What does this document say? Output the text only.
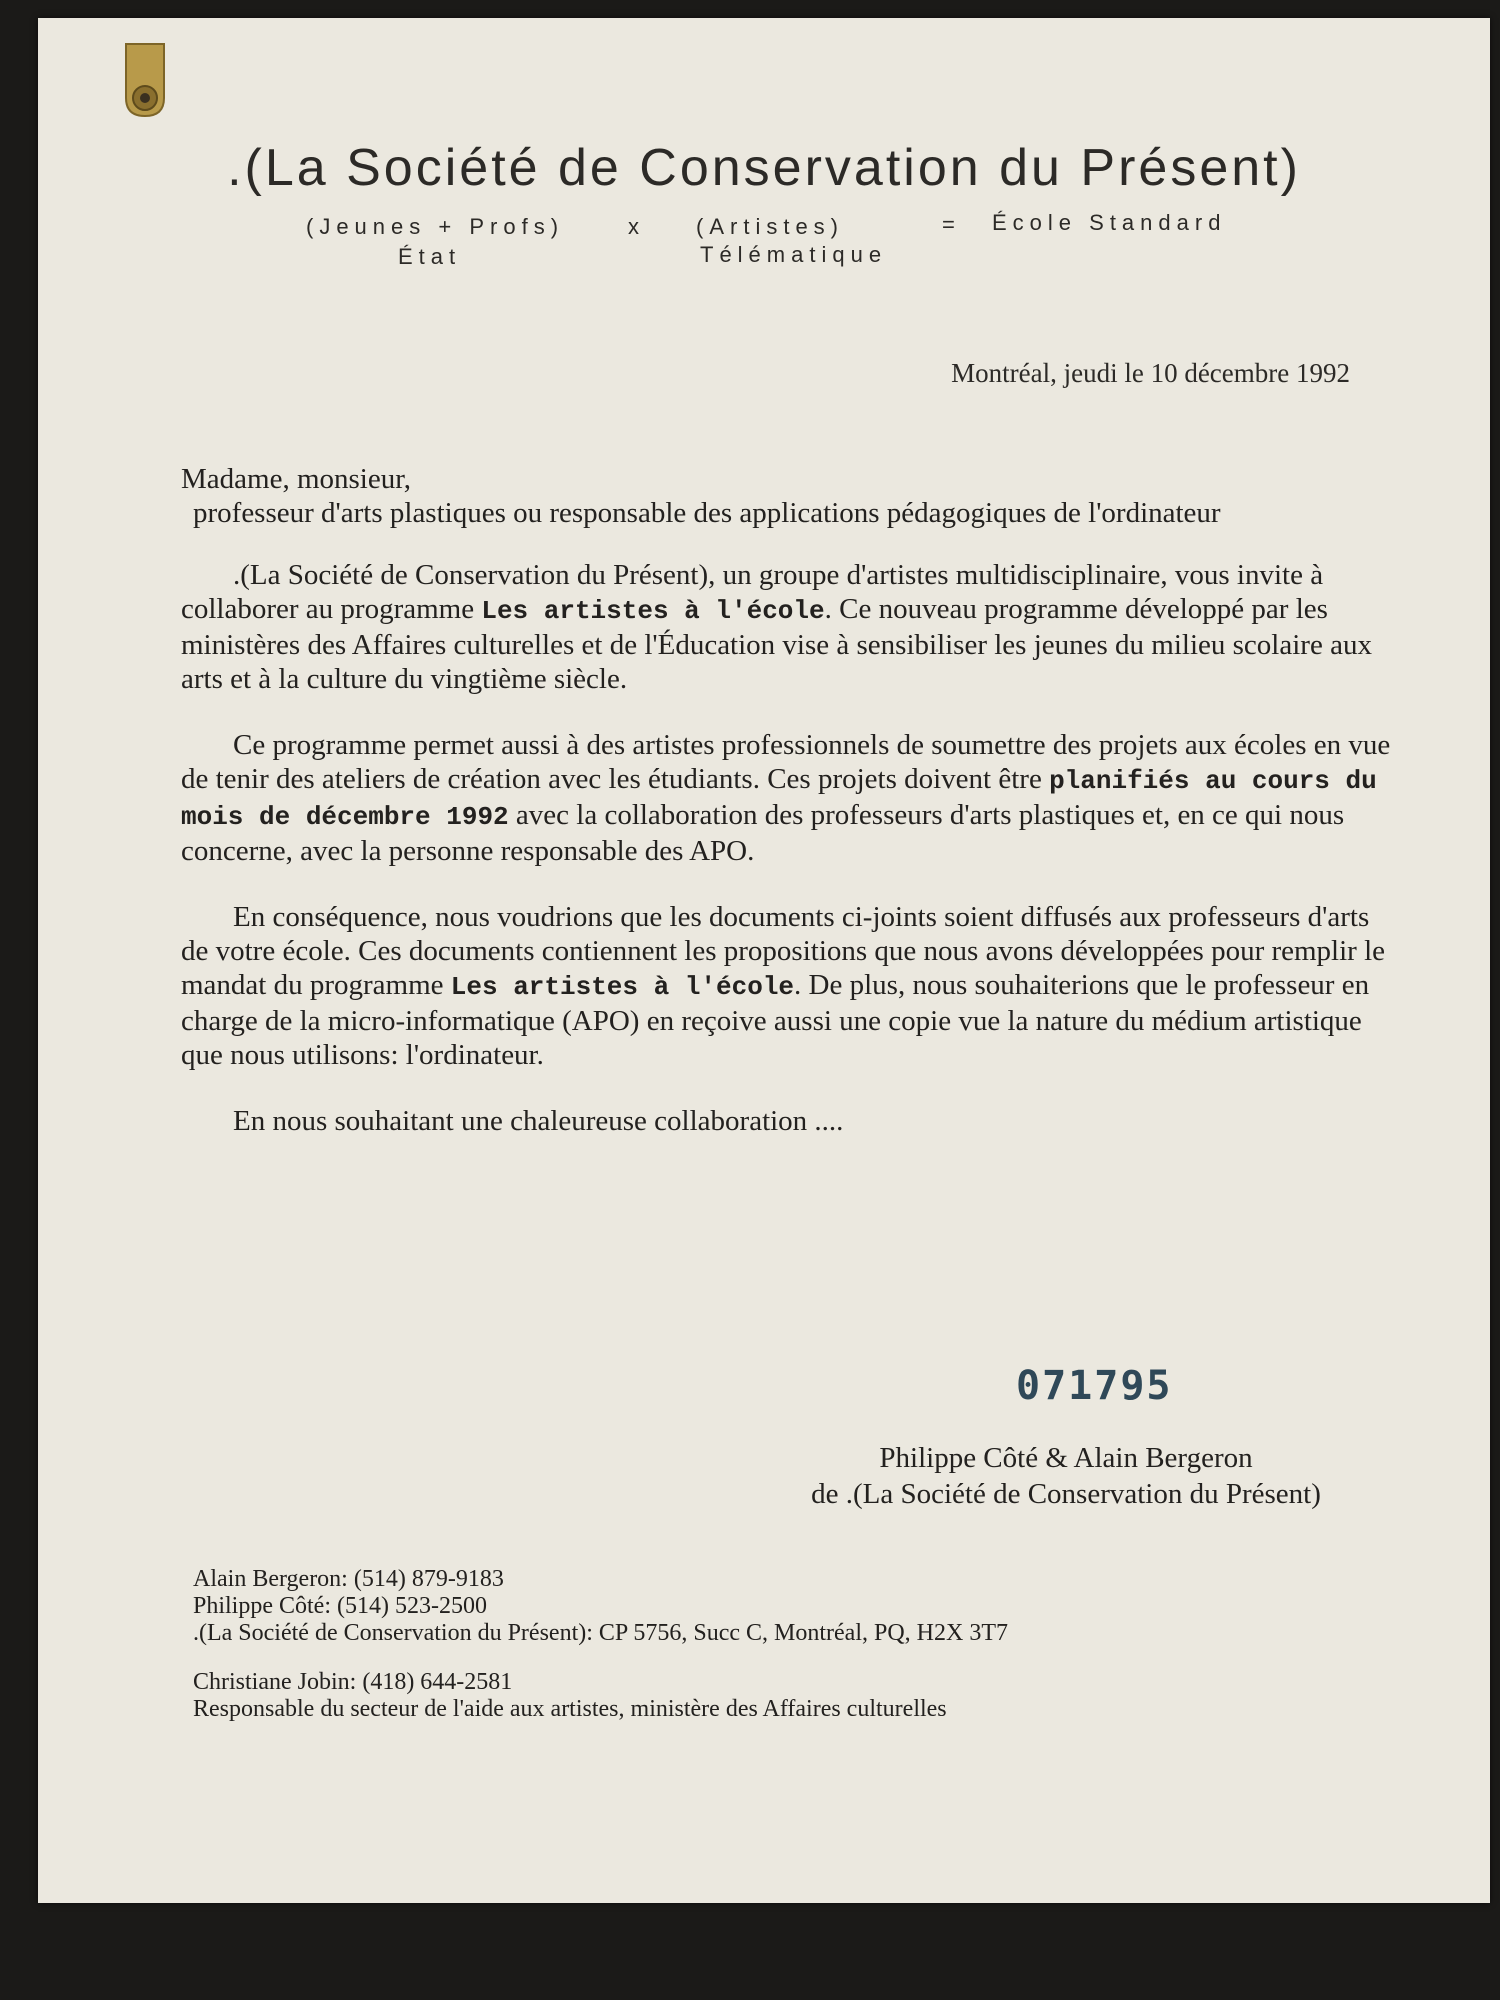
.(La Société de Conservation du Présent)
(Jeunes + Profs)	x (Artistes)	= École Standard
État	Télématique
Montréal, jeudi le 10 décembre 1992

Madame, monsieur,
professeur d'arts plastiques ou responsable des applications pédagogiques de l'ordinateur

.(La Société de Conservation du Présent), un groupe d'artistes multidisciplinaire, vous invite à collaborer au programme Les artistes à l'école. Ce nouveau programme développé par les ministères des Affaires culturelles et de l'Éducation vise à sensibiliser les jeunes du milieu scolaire aux arts et à la culture du vingtième siècle.

Ce programme permet aussi à des artistes professionnels de soumettre des projets aux écoles en vue de tenir des ateliers de création avec les étudiants. Ces projets doivent être planifiés au cours du mois de décembre 1992 avec la collaboration des professeurs d'arts plastiques et, en ce qui nous concerne, avec la personne responsable des APO.

En conséquence, nous voudrions que les documents ci-joints soient diffusés aux professeurs d'arts de votre école. Ces documents contiennent les propositions que nous avons développées pour remplir le mandat du programme Les artistes à l'école. De plus, nous souhaiterions que le professeur en charge de la micro-informatique (APO) en reçoive aussi une copie vue la nature du médium artistique que nous utilisons: l'ordinateur.

En nous souhaitant une chaleureuse collaboration ....

071795
Philippe Côté & Alain Bergeron
de .(La Société de Conservation du Présent)
Alain Bergeron: (514) 879-9183
Philippe Côté: (514) 523-2500
.(La Société de Conservation du Présent): CP 5756, Succ C, Montréal, PQ, H2X 3T7
Christiane Jobin: (418) 644-2581
Responsable du secteur de l'aide aux artistes, ministère des Affaires culturelles
